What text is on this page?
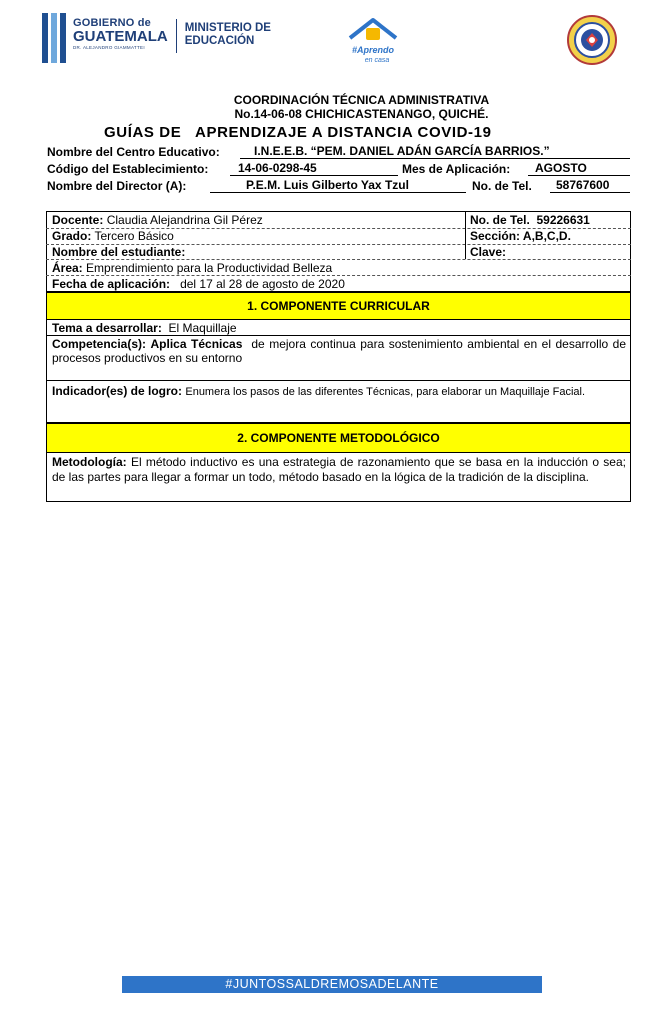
GOBIERNO de
GUATEMALA
DR. ALEJANDRO GIAMMATTEI
MINISTERIO DE
EDUCACIÓN
#Aprendo
en casa
COORDINACIÓN TÉCNICA ADMINISTRATIVA
No.14-06-08 CHICHICASTENANGO, QUICHÉ.
GUÍAS DE   APRENDIZAJE A DISTANCIA COVID-19
Nombre del Centro Educativo:	I.N.E.E.B. “PEM. DANIEL ADÁN GARCÍA BARRIOS.”
Código del Establecimiento:	14-06-0298-45	Mes de Aplicación:	AGOSTO
Nombre del Director (A):	P.E.M. Luis Gilberto Yax Tzul	No. de Tel.	58767600
Docente: Claudia Alejandrina Gil Pérez	No. de Tel. 59226631
Grado: Tercero Básico	Sección: A,B,C,D.
Nombre del estudiante:	Clave:
Área: Emprendimiento para la Productividad Belleza
Fecha de aplicación: del 17 al 28 de agosto de 2020
1. COMPONENTE CURRICULAR
Tema a desarrollar: El Maquillaje
Competencia(s): Aplica Técnicas de mejora continua para sostenimiento ambiental en el desarrollo de procesos productivos en su entorno
Indicador(es) de logro: Enumera los pasos de las diferentes Técnicas, para elaborar un Maquillaje Facial.
2. COMPONENTE METODOLÓGICO
Metodología: El método inductivo es una estrategia de razonamiento que se basa en la inducción o sea; de las partes para llegar a formar un todo, método basado en la lógica de la tradición de la disciplina.
#JUNTOSSALDREMOSADELANTE
